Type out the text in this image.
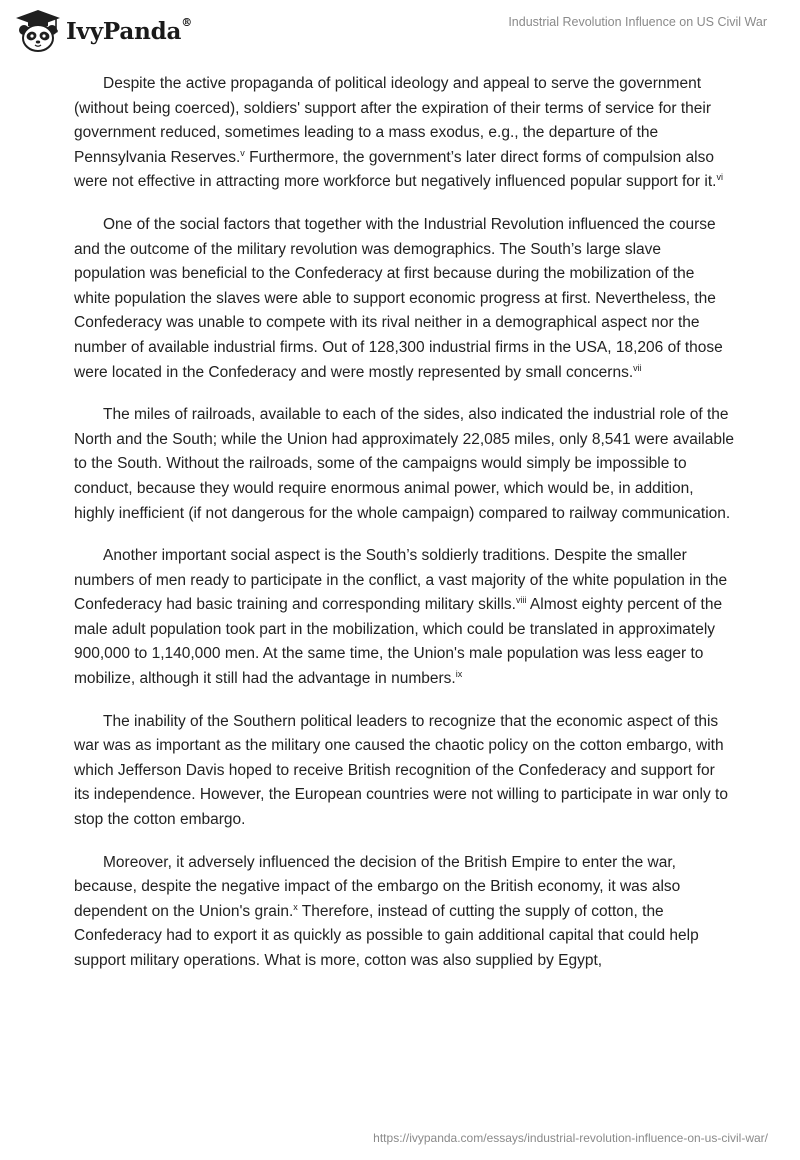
IvyPanda®	Industrial Revolution Influence on US Civil War

Despite the active propaganda of political ideology and appeal to serve the government (without being coerced), soldiers' support after the expiration of their terms of service for their government reduced, sometimes leading to a mass exodus, e.g., the departure of the Pennsylvania Reserves.$^v$ Furthermore, the government’s later direct forms of compulsion also were not effective in attracting more workforce but negatively influenced popular support for it.$^{vi}$

One of the social factors that together with the Industrial Revolution influenced the course and the outcome of the military revolution was demographics. The South’s large slave population was beneficial to the Confederacy at first because during the mobilization of the white population the slaves were able to support economic progress at first. Nevertheless, the Confederacy was unable to compete with its rival neither in a demographical aspect nor the number of available industrial firms. Out of 128,300 industrial firms in the USA, 18,206 of those were located in the Confederacy and were mostly represented by small concerns.$^{vii}$

The miles of railroads, available to each of the sides, also indicated the industrial role of the North and the South; while the Union had approximately 22,085 miles, only 8,541 were available to the South. Without the railroads, some of the campaigns would simply be impossible to conduct, because they would require enormous animal power, which would be, in addition, highly inefficient (if not dangerous for the whole campaign) compared to railway communication.

Another important social aspect is the South’s soldierly traditions. Despite the smaller numbers of men ready to participate in the conflict, a vast majority of the white population in the Confederacy had basic training and corresponding military skills.$^{viii}$ Almost eighty percent of the male adult population took part in the mobilization, which could be translated in approximately 900,000 to 1,140,000 men. At the same time, the Union's male population was less eager to mobilize, although it still had the advantage in numbers.$^{ix}$

The inability of the Southern political leaders to recognize that the economic aspect of this war was as important as the military one caused the chaotic policy on the cotton embargo, with which Jefferson Davis hoped to receive British recognition of the Confederacy and support for its independence. However, the European countries were not willing to participate in war only to stop the cotton embargo.

Moreover, it adversely influenced the decision of the British Empire to enter the war, because, despite the negative impact of the embargo on the British economy, it was also dependent on the Union's grain.$^x$ Therefore, instead of cutting the supply of cotton, the Confederacy had to export it as quickly as possible to gain additional capital that could help support military operations. What is more, cotton was also supplied by Egypt,

https://ivypanda.com/essays/industrial-revolution-influence-on-us-civil-war/
